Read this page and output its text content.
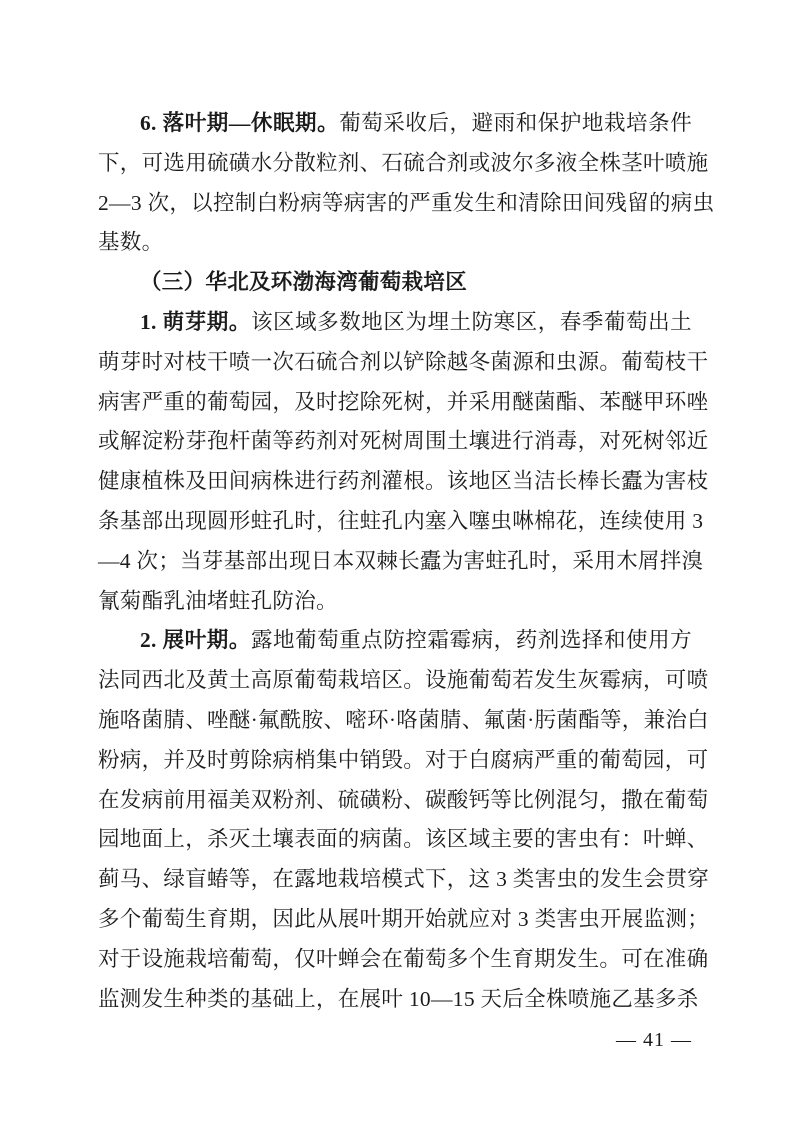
6. 落叶期—休眠期。葡萄采收后，避雨和保护地栽培条件
下，可选用硫磺水分散粒剂、石硫合剂或波尔多液全株茎叶喷施
2—3 次，以控制白粉病等病害的严重发生和清除田间残留的病虫
基数。
（三）华北及环渤海湾葡萄栽培区
1. 萌芽期。该区域多数地区为埋土防寒区，春季葡萄出土
萌芽时对枝干喷一次石硫合剂以铲除越冬菌源和虫源。葡萄枝干
病害严重的葡萄园，及时挖除死树，并采用醚菌酯、苯醚甲环唑
或解淀粉芽孢杆菌等药剂对死树周围土壤进行消毒，对死树邻近
健康植株及田间病株进行药剂灌根。该地区当洁长棒长蠹为害枝
条基部出现圆形蛀孔时，往蛀孔内塞入噻虫啉棉花，连续使用 3
—4 次；当芽基部出现日本双棘长蠹为害蛀孔时，采用木屑拌溴
氰菊酯乳油堵蛀孔防治。
2. 展叶期。露地葡萄重点防控霜霉病，药剂选择和使用方
法同西北及黄土高原葡萄栽培区。设施葡萄若发生灰霉病，可喷
施咯菌腈、唑醚·氟酰胺、嘧环·咯菌腈、氟菌·肟菌酯等，兼治白
粉病，并及时剪除病梢集中销毁。对于白腐病严重的葡萄园，可
在发病前用福美双粉剂、硫磺粉、碳酸钙等比例混匀，撒在葡萄
园地面上，杀灭土壤表面的病菌。该区域主要的害虫有：叶蝉、
蓟马、绿盲蝽等，在露地栽培模式下，这 3 类害虫的发生会贯穿
多个葡萄生育期，因此从展叶期开始就应对 3 类害虫开展监测；
对于设施栽培葡萄，仅叶蝉会在葡萄多个生育期发生。可在准确
监测发生种类的基础上，在展叶 10—15 天后全株喷施乙基多杀
— 41 —
